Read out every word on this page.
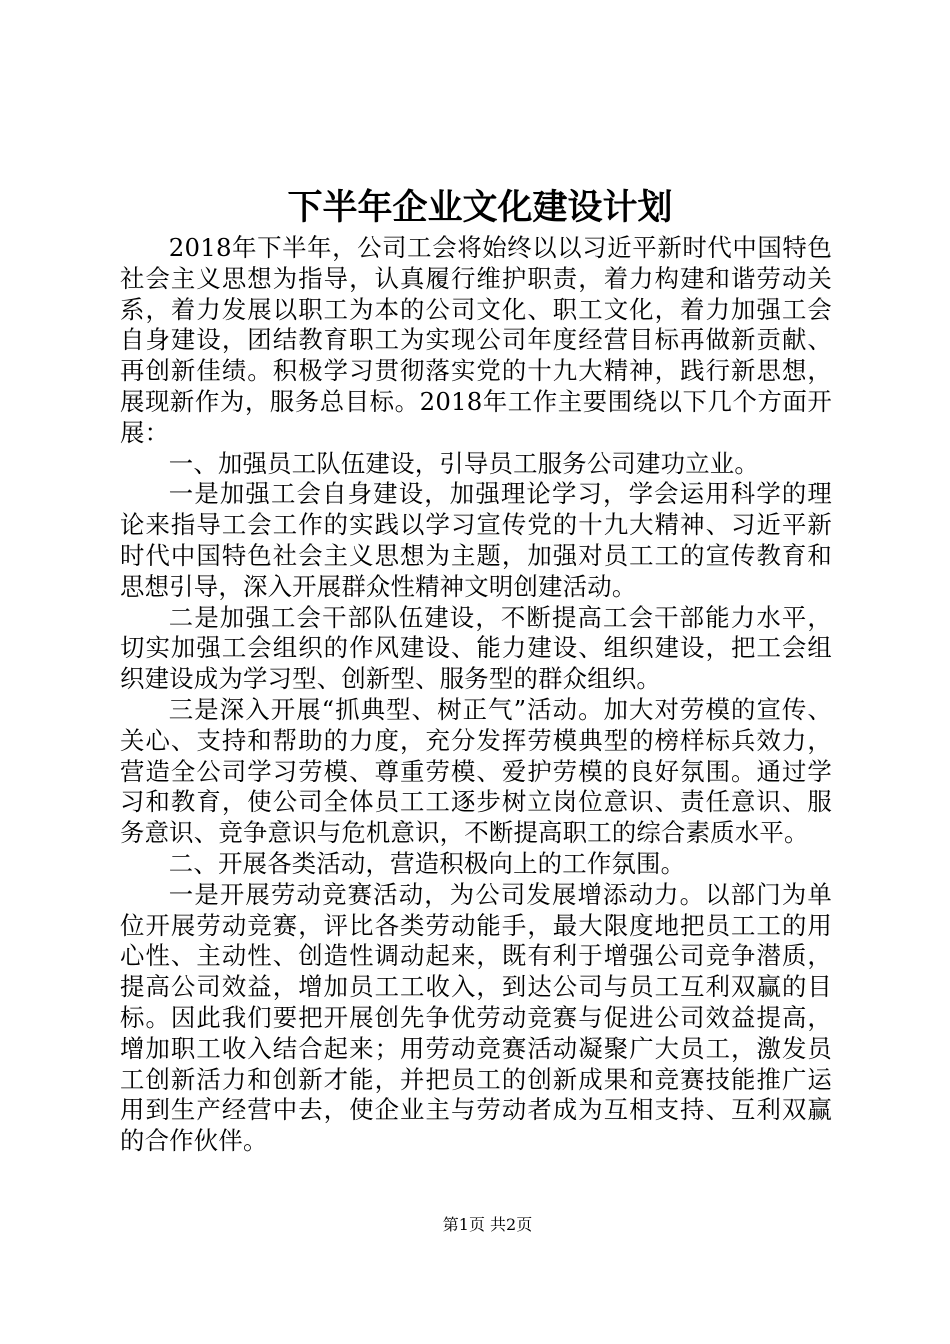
下半年企业文化建设计划

2018年下半年，公司工会将始终以以习近平新时代中国特色社会主义思想为指导，认真履行维护职责，着力构建和谐劳动关系，着力发展以职工为本的公司文化、职工文化，着力加强工会自身建设，团结教育职工为实现公司年度经营目标再做新贡献、再创新佳绩。积极学习贯彻落实党的十九大精神，践行新思想，展现新作为，服务总目标。2018年工作主要围绕以下几个方面开展：

一、加强员工队伍建设，引导员工服务公司建功立业。

一是加强工会自身建设，加强理论学习，学会运用科学的理论来指导工会工作的实践以学习宣传党的十九大精神、习近平新时代中国特色社会主义思想为主题，加强对员工工的宣传教育和思想引导，深入开展群众性精神文明创建活动。

二是加强工会干部队伍建设，不断提高工会干部能力水平，切实加强工会组织的作风建设、能力建设、组织建设，把工会组织建设成为学习型、创新型、服务型的群众组织。

三是深入开展“抓典型、树正气”活动。加大对劳模的宣传、关心、支持和帮助的力度，充分发挥劳模典型的榜样标兵效力，营造全公司学习劳模、尊重劳模、爱护劳模的良好氛围。通过学习和教育，使公司全体员工工逐步树立岗位意识、责任意识、服务意识、竞争意识与危机意识，不断提高职工的综合素质水平。

二、开展各类活动，营造积极向上的工作氛围。

一是开展劳动竞赛活动，为公司发展增添动力。以部门为单位开展劳动竞赛，评比各类劳动能手，最大限度地把员工工的用心性、主动性、创造性调动起来，既有利于增强公司竞争潜质，提高公司效益，增加员工工收入，到达公司与员工互利双赢的目标。因此我们要把开展创先争优劳动竞赛与促进公司效益提高，增加职工收入结合起来；用劳动竞赛活动凝聚广大员工，激发员工创新活力和创新才能，并把员工的创新成果和竞赛技能推广运用到生产经营中去，使企业主与劳动者成为互相支持、互利双赢的合作伙伴。

第1页 共2页
